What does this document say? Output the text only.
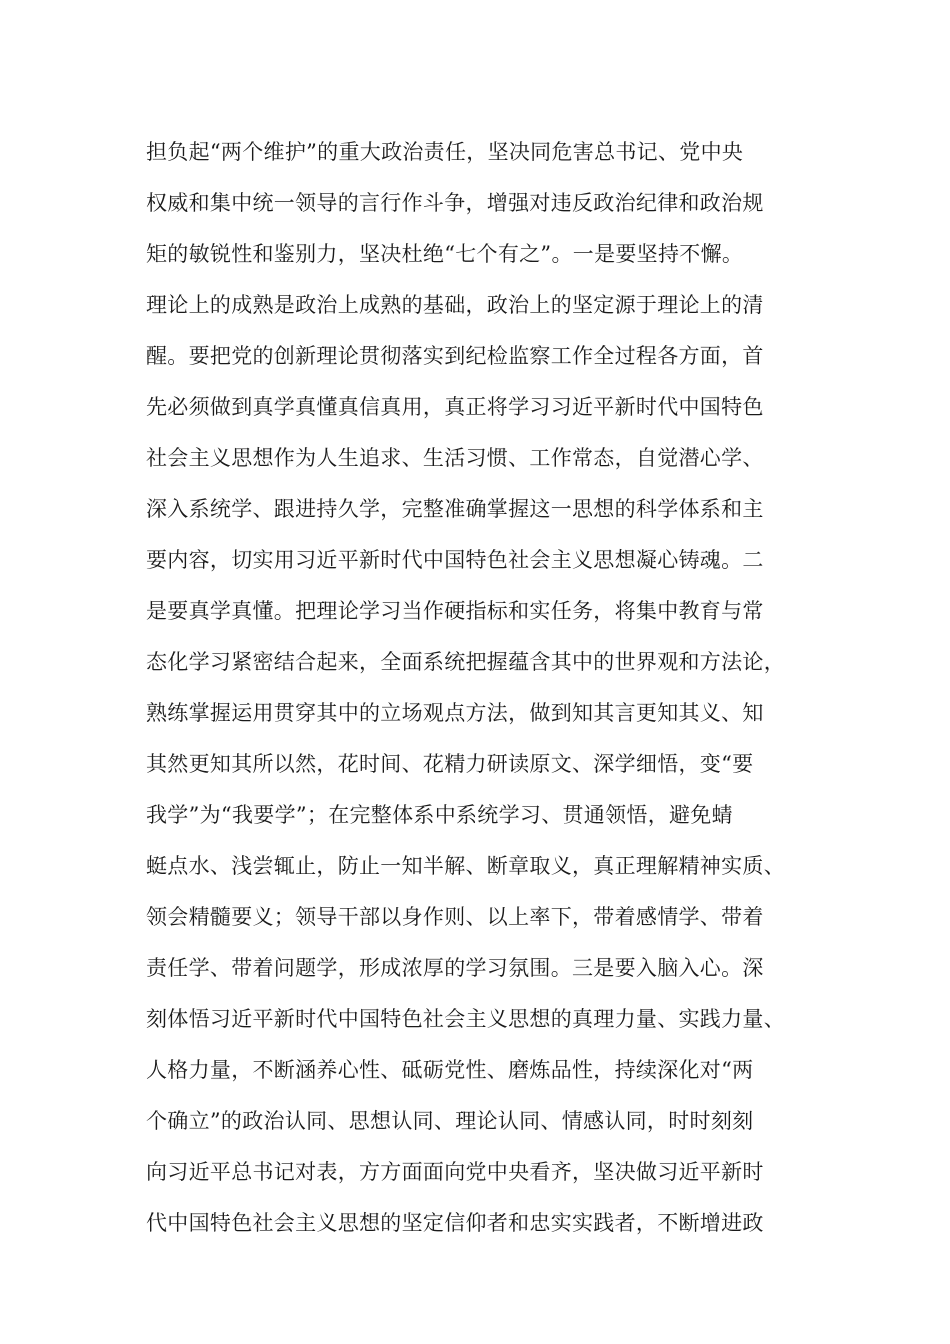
担负起“两个维护”的重大政治责任，坚决同危害总书记、党中央
权威和集中统一领导的言行作斗争，增强对违反政治纪律和政治规
矩的敏锐性和鉴别力，坚决杜绝“七个有之”。一是要坚持不懈。
理论上的成熟是政治上成熟的基础，政治上的坚定源于理论上的清
醒。要把党的创新理论贯彻落实到纪检监察工作全过程各方面，首
先必须做到真学真懂真信真用，真正将学习习近平新时代中国特色
社会主义思想作为人生追求、生活习惯、工作常态，自觉潜心学、
深入系统学、跟进持久学，完整准确掌握这一思想的科学体系和主
要内容，切实用习近平新时代中国特色社会主义思想凝心铸魂。二
是要真学真懂。把理论学习当作硬指标和实任务，将集中教育与常
态化学习紧密结合起来，全面系统把握蕴含其中的世界观和方法论，
熟练掌握运用贯穿其中的立场观点方法，做到知其言更知其义、知
其然更知其所以然，花时间、花精力研读原文、深学细悟，变“要
我学”为“我要学”；在完整体系中系统学习、贯通领悟，避免蜻
蜓点水、浅尝辄止，防止一知半解、断章取义，真正理解精神实质、
领会精髓要义；领导干部以身作则、以上率下，带着感情学、带着
责任学、带着问题学，形成浓厚的学习氛围。三是要入脑入心。深
刻体悟习近平新时代中国特色社会主义思想的真理力量、实践力量、
人格力量，不断涵养心性、砥砺党性、磨炼品性，持续深化对“两
个确立”的政治认同、思想认同、理论认同、情感认同，时时刻刻
向习近平总书记对表，方方面面向党中央看齐，坚决做习近平新时
代中国特色社会主义思想的坚定信仰者和忠实实践者，不断增进政
